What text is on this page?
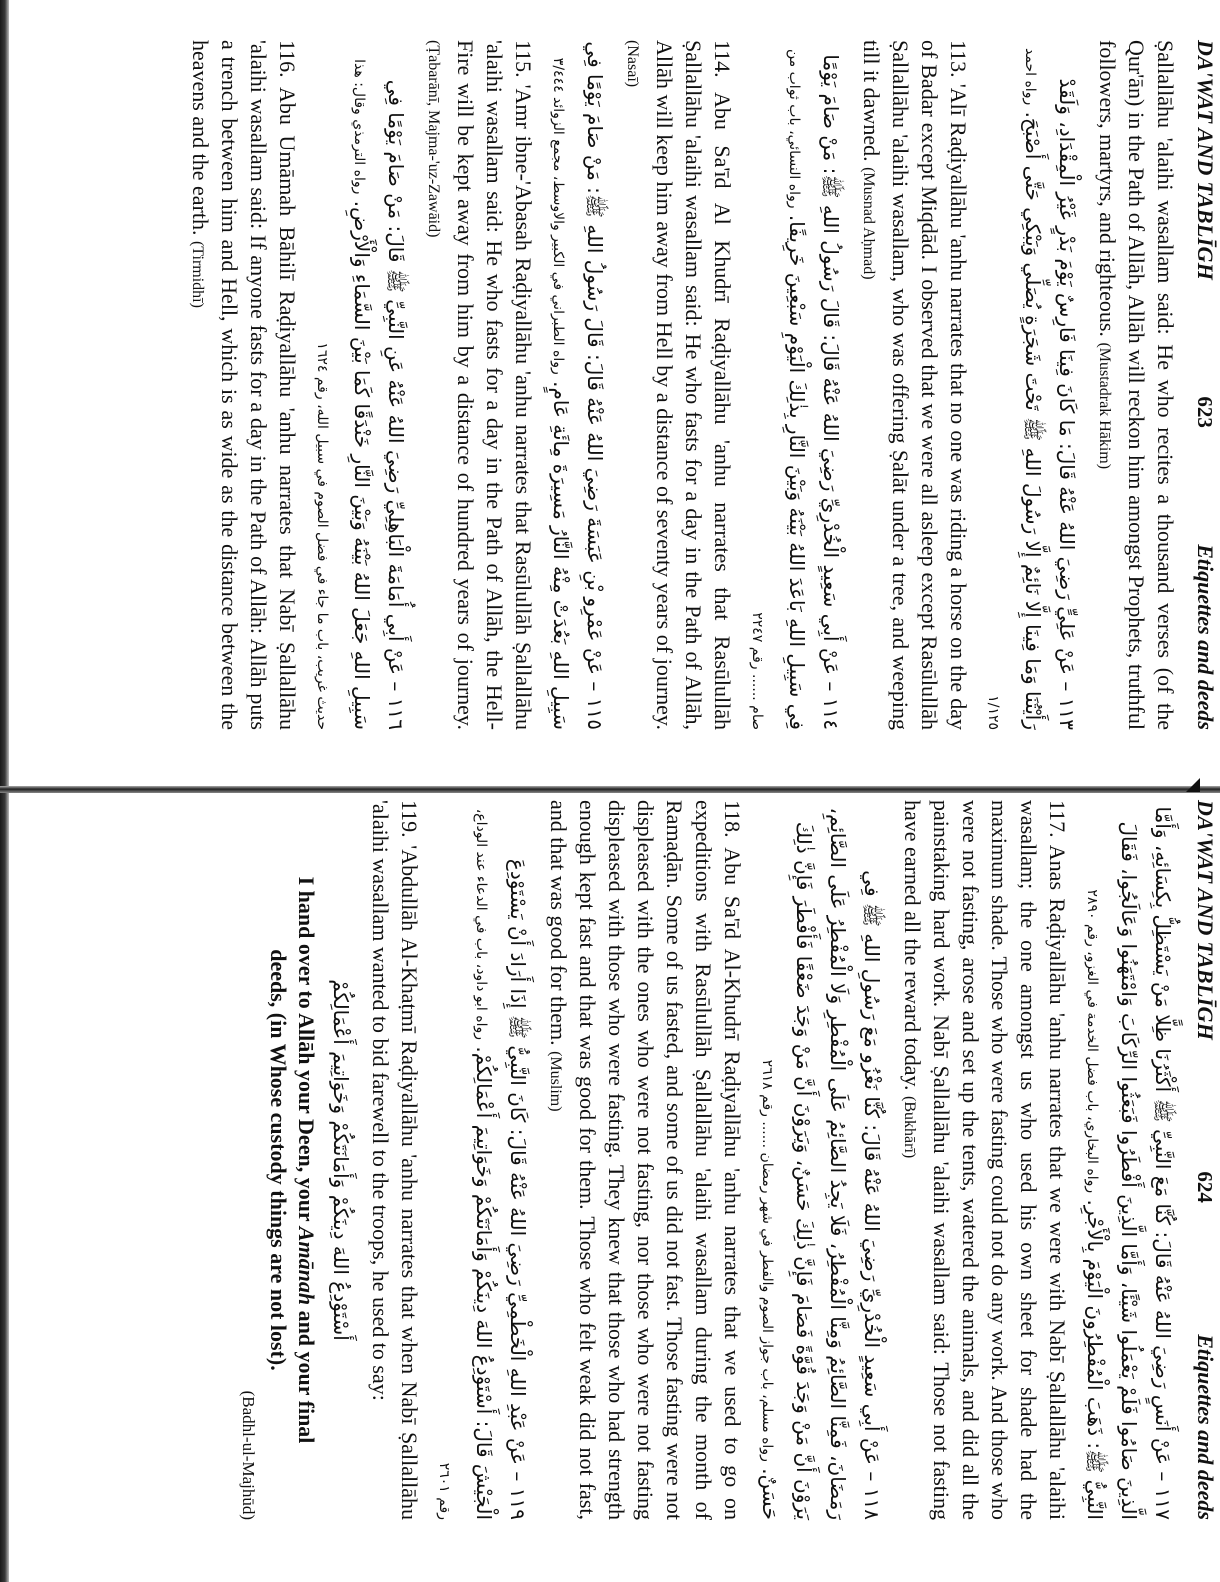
DA'WAT AND TABLĪGH
623
Etiquettes and deeds

Ṣallallāhu 'alaihi wasallam said: He who recites a thousand verses (of the Qur'ān) in the Path of Allāh, Allāh will reckon him amongst Prophets, truthful followers, martyrs, and righteous. (Mustadrak Hākim)

١١٣ – عَنْ عَلِيٍّ رَضِيَ اللهُ عَنْهُ قَالَ: مَا كَانَ فِينَا فَارِسٌ يَوْمَ بَدْرٍ غَيْرُ الْمِقْدَادِ، وَلَقَدْ رَأَيْتُنَا وَمَا فِينَا إِلَّا نَائِمٌ إِلَّا رَسُولَ اللهِ ﷺ تَحْتَ شَجَرَةٍ يُصَلِّي وَيَبْكِي حَتَّى أَصْبَحَ. رواه احمد ١/١٢٥

113. 'Alī Raḍiyallāhu 'anhu narrates that no one was riding a horse on the day of Badar except Miqdād. I observed that we were all asleep except Rasūlullāh Ṣallallāhu 'alaihi wasallam, who was offering Ṣalāt under a tree, and weeping till it dawned. (Musnad Aḥmad)

١١٤ – عَنْ أَبِي سَعِيدٍ الْخُدْرِيِّ رَضِيَ اللهُ عَنْهُ قَالَ: قَالَ رَسُولُ اللهِ ﷺ: مَنْ صَامَ يَوْمًا فِي سَبِيلِ اللهِ بَاعَدَ اللهُ بَيْنَهُ وَبَيْنَ النَّارِ بِذٰلِكَ الْيَوْمِ سَبْعِينَ خَرِيفًا. رواه النسائي، باب ثواب من صام ...... رقم ٢٢٤٧

114. Abu Sa'īd Al Khudrī Raḍiyallāhu 'anhu narrates that Rasūlullāh Ṣallallāhu 'alaihi wasallam said: He who fasts for a day in the Path of Allāh, Allāh will keep him away from Hell by a distance of seventy years of journey. (Nasaī)

١١٥ – عَنْ عَمْرِو بْنِ عَبَسَةَ رَضِيَ اللهُ عَنْهُ قَالَ: قَالَ رَسُولُ اللهِ ﷺ: مَنْ صَامَ يَوْمًا فِي سَبِيلِ اللهِ بَعُدَتْ مِنْهُ النَّارُ مَسِيرَةَ مِائَةِ عَامٍ. رواه الطبراني في الكبير والاوسط، مجمع الزوائد ٣/٤٤٤

115. 'Amr ibne-'Abasah Raḍiyallāhu 'anhu narrates that Rasūlullāh Ṣallallāhu 'alaihi wasallam said: He who fasts for a day in the Path of Allāh, the Hell-Fire will be kept away from him by a distance of hundred years of journey. (Ṭabarānī, Majma-'uz-Zawāid)

١١٦ – عَنْ أَبِي أُمَامَةَ الْبَاهِلِيِّ رَضِيَ اللهُ عَنْهُ عَنِ النَّبِيِّ ﷺ قَالَ: مَنْ صَامَ يَوْمًا فِي سَبِيلِ اللهِ جَعَلَ اللهُ بَيْنَهُ وَبَيْنَ النَّارِ خَنْدَقًا كَمَا بَيْنَ السَّمَاءِ وَالْأَرْضِ. رواه الترمذي وقال: هذا حديث غريب، باب ما جاء في فضل الصوم في سبيل الله، رقم ١٦٢٤

116. Abu Umāmah Bāhilī Raḍiyallāhu 'anhu narrates that Nabī Ṣallallāhu 'alaihi wasallam said: If anyone fasts for a day in the Path of Allāh: Allāh puts a trench between him and Hell, which is as wide as the distance between the heavens and the earth. (Tirmidhī)

DA'WAT AND TABLĪGH
624
Etiquettes and deeds
١١٧ – عَنْ أَنَسٍ رَضِيَ اللهُ عَنْهُ قَالَ: كُنَّا مَعَ النَّبِيِّ ﷺ أَكْثَرُنَا ظِلًّا مَنْ يَسْتَظِلُّ بِكِسَائِهِ، وَأَمَّا الَّذِينَ صَامُوا فَلَمْ يَعْمَلُوا شَيْئًا، وَأَمَّا الَّذِينَ أَفْطَرُوا فَبَعَثُوا الرِّكَابَ وَامْتَهَنُوا وَعَالَجُوا، فَقَالَ النَّبِيُّ ﷺ: ذَهَبَ الْمُفْطِرُونَ الْيَوْمَ بِالْأَجْرِ. رواه البخاري، باب فضل الخدمة في الغزو، رقم ٢٨٩٠

117. Anas Raḍiyallāhu 'anhu narrates that we were with Nabī Ṣallallāhu 'alaihi wasallam; the one amongst us who used his own sheet for shade had the maximum shade. Those who were fasting could not do any work. And those who were not fasting, arose and set up the tents, watered the animals, and did all the painstaking hard work. Nabī Ṣallallāhu 'alaihi wasallam said: Those not fasting have earned all the reward today. (Bukhārī)

١١٨ – عَنْ أَبِي سَعِيدٍ الْخُدْرِيِّ رَضِيَ اللهُ عَنْهُ قَالَ: كُنَّا نَغْزُو مَعَ رَسُولِ اللهِ ﷺ فِي رَمَضَانَ، فَمِنَّا الصَّائِمُ وَمِنَّا الْمُفْطِرُ، فَلَا يَجِدُ الصَّائِمُ عَلَى الْمُفْطِرِ وَلَا الْمُفْطِرُ عَلَى الصَّائِمِ، يَرَوْنَ أَنَّ مَنْ وَجَدَ قُوَّةً فَصَامَ فَإِنَّ ذٰلِكَ حَسَنٌ، وَيَرَوْنَ أَنَّ مَنْ وَجَدَ ضَعْفًا فَأَفْطَرَ فَإِنَّ ذٰلِكَ حَسَنٌ. رواه مسلم، باب جواز الصوم والفطر في شهر رمضان ...... رقم ٢٦١٨

118. Abu Sa'īd Al-Khudrī Raḍiyallāhu 'anhu narrates that we used to go on expeditions with Rasūlullāh Ṣallallāhu 'alaihi wasallam during the month of Ramaḍān. Some of us fasted, and some of us did not fast. Those fasting were not displeased with the ones who were not fasting, nor those who were not fasting displeased with those who were fasting. They knew that those who had strength enough kept fast and that was good for them. Those who felt weak did not fast, and that was good for them. (Muslim)

١١٩ – عَنْ عَبْدِ اللهِ الْخَطْمِيِّ رَضِيَ اللهُ عَنْهُ قَالَ: كَانَ النَّبِيُّ ﷺ إِذَا أَرَادَ أَنْ يَسْتَوْدِعَ الْجَيْشَ قَالَ: أَسْتَوْدِعُ اللهَ دِينَكُمْ وَأَمَانَتَكُمْ وَخَوَاتِيمَ أَعْمَالِكُمْ. رواه ابو داود، باب في الدعاء عند الوداع، رقم ٢٦٠١

119. 'Abdullāh Al-Khaṭmī Raḍiyallāhu 'anhu narrates that when Nabī Ṣallallāhu 'alaihi wasallam wanted to bid farewell to the troops, he used to say:

أَسْتَوْدِعُ اللهَ دِينَكُمْ وَأَمَانَتَكُمْ وَخَوَاتِيمَ أَعْمَالِكُمْ

I hand over to Allāh your Deen, your Amānah and your final deeds, (in Whose custody things are not lost).

(Badhl-ul-Majhūd)
